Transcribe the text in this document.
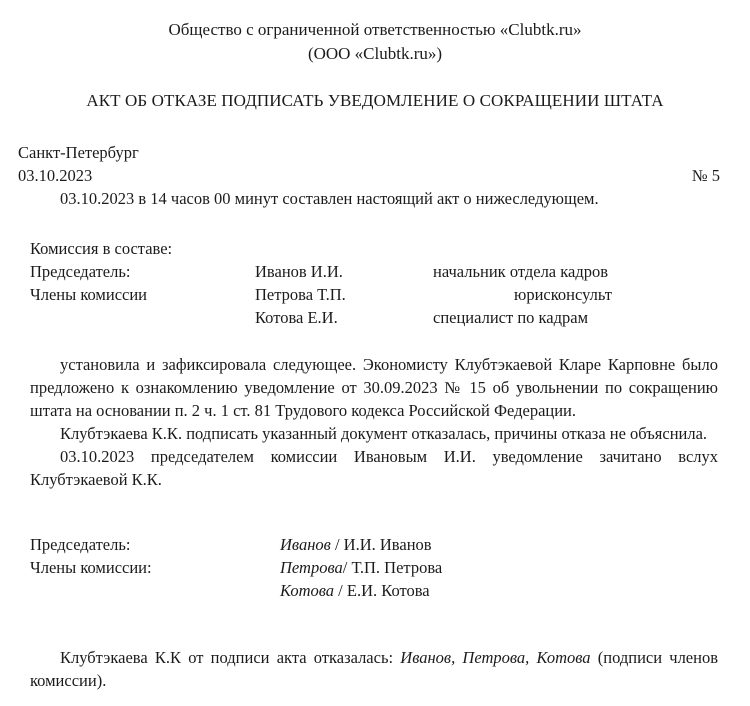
Общество с ограниченной ответственностью «Clubtk.ru»
(ООО «Clubtk.ru»)
АКТ ОБ ОТКАЗЕ ПОДПИСАТЬ УВЕДОМЛЕНИЕ О СОКРАЩЕНИИ ШТАТА
Санкт-Петербург
03.10.2023	№ 5

03.10.2023 в 14 часов 00 минут составлен настоящий акт о нижеследующем.

Комиссия в составе:
Председатель:	Иванов И.И.	начальник отдела кадров
Члены комиссии	Петрова Т.П.	юрисконсульт
	Котова Е.И.	специалист по кадрам

установила и зафиксировала следующее. Экономисту Клубтэкаевой Кларе Карповне было предложено к ознакомлению уведомление от 30.09.2023 № 15 об увольнении по сокращению штата на основании п. 2 ч. 1 ст. 81 Трудового кодекса Российской Федерации.

Клубтэкаева К.К. подписать указанный документ отказалась, причины отказа не объяснила.

03.10.2023 председателем комиссии Ивановым И.И. уведомление зачитано вслух Клубтэкаевой К.К.

Председатель:	Иванов / И.И. Иванов
Члены комиссии:	Петрова/ Т.П. Петрова
	Котова / Е.И. Котова

Клубтэкаева К.К от подписи акта отказалась: Иванов, Петрова, Котова (подписи членов комиссии).
